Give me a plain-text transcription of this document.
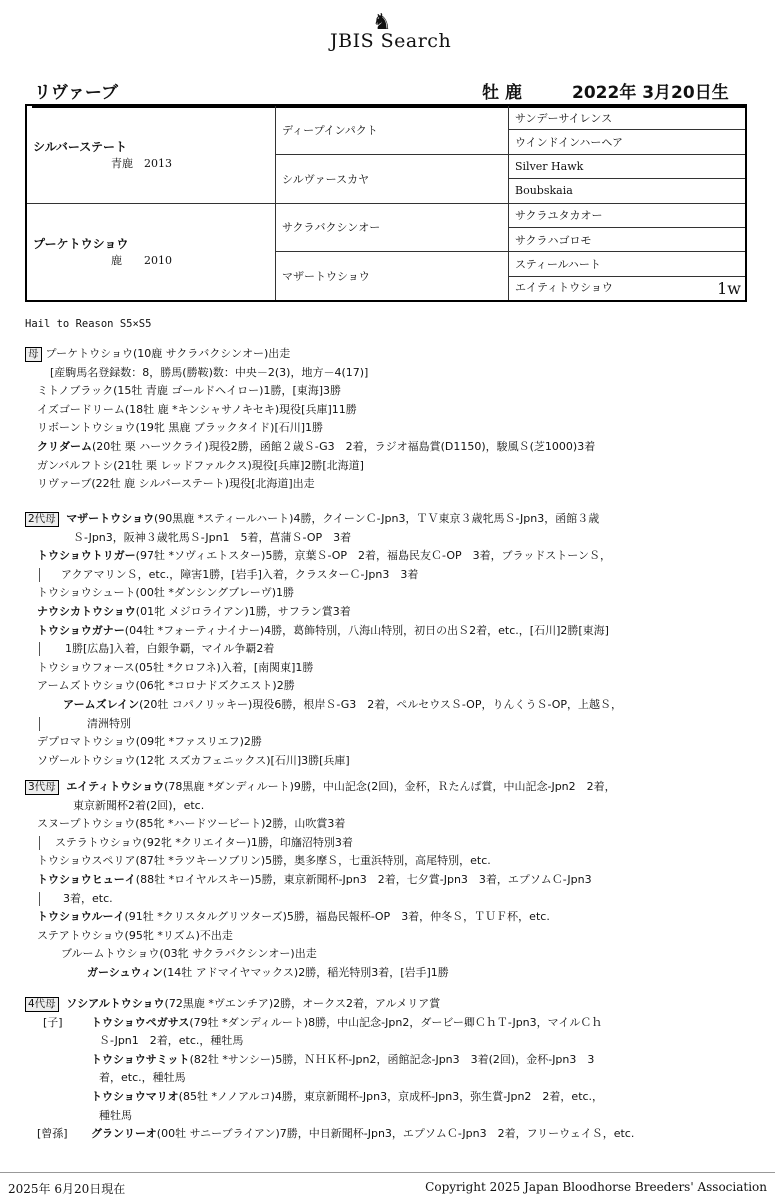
♞
JBIS Search
リヴァーブ	牡鹿	2022年 3月20日生
シルバーステート
青鹿　2013	ディープインパクト	サンデーサイレンス
		ウインドインハーヘア
	シルヴァースカヤ	Silver Hawk
		Boubskaia

プーケトウショウ
鹿　　2010	サクラバクシンオー	サクラユタカオー
		サクラハゴロモ
	マザートウショウ	スティールハート
		エイティトウショウ 1w
Hail to Reason S5×S5
母 プーケトウショウ(10鹿 サクラバクシンオー)出走
[産駒馬名登録数：8，勝馬(勝鞍)数：中央－2(3)，地方－4(17)]
ミトノブラック(15牡 青鹿 ゴールドヘイロー)1勝，[東海]3勝
イズゴードリーム(18牡 鹿 *キンシャサノキセキ)現役[兵庫]11勝
リボーントウショウ(19牝 黒鹿 ブラックタイド)[石川]1勝
クリダーム(20牡 栗 ハーツクライ)現役2勝，函館２歳Ｓ-G3　2着，ラジオ福島賞(D1150)，駿風Ｓ(芝1000)3着
ガンバルフトシ(21牡 栗 レッドファルクス)現役[兵庫]2勝[北海道]
リヴァーブ(22牡 鹿 シルバーステート)現役[北海道]出走
2代母 マザートウショウ(90黒鹿 *スティールハート)4勝，クイーンＣ-Jpn3，ＴＶ東京３歳牝馬Ｓ-Jpn3，函館３歳
Ｓ-Jpn3，阪神３歳牝馬Ｓ-Jpn1　5着，菖蒲Ｓ-OP　3着
トウショウトリガー(97牡 *ソヴィエトスター)5勝，京葉Ｓ-OP　2着，福島民友Ｃ-OP　3着，ブラッドストーンＳ，
アクアマリンＳ，etc.，障害1勝，[岩手]入着，クラスターＣ-Jpn3　3着
トウショウシュート(00牡 *ダンシングブレーヴ)1勝
ナウシカトウショウ(01牝 メジロライアン)1勝，サフラン賞3着
トウショウガナー(04牡 *フォーティナイナー)4勝，葛飾特別，八海山特別，初日の出Ｓ2着，etc.，[石川]2勝[東海]
1勝[広島]入着，白銀争覇，マイル争覇2着
トウショウフォース(05牡 *クロフネ)入着，[南関東]1勝
アームズトウショウ(06牝 *コロナドズクエスト)2勝
アームズレイン(20牡 コパノリッキー)現役6勝，根岸Ｓ-G3　2着，ペルセウスＳ-OP，りんくうＳ-OP，上越Ｓ，
清洲特別
デプロマトウショウ(09牝 *ファスリエフ)2勝
ソヴールトウショウ(12牝 スズカフェニックス)[石川]3勝[兵庫]
3代母 エイティトウショウ(78黒鹿 *ダンディルート)9勝，中山記念(2回)，金杯，Ｒたんぱ賞，中山記念-Jpn2　2着，
東京新聞杯2着(2回)，etc.
スヌープトウショウ(85牝 *ハードツービート)2勝，山吹賞3着
ステラトウショウ(92牝 *クリエイター)1勝，印旛沼特別3着
トウショウスペリア(87牡 *ラツキーソブリン)5勝，奥多摩Ｓ，七重浜特別，高尾特別，etc.
トウショウヒューイ(88牡 *ロイヤルスキー)5勝，東京新聞杯-Jpn3　2着，七夕賞-Jpn3　3着，エプソムＣ-Jpn3
3着，etc.
トウショウルーイ(91牡 *クリスタルグリツターズ)5勝，福島民報杯-OP　3着，仲冬Ｓ，ＴＵＦ杯，etc.
ステアトウショウ(95牝 *リズム)不出走
ブルームトウショウ(03牝 サクラバクシンオー)出走
ガーシュウィン(14牡 アドマイヤマックス)2勝，稲光特別3着，[岩手]1勝
4代母 ソシアルトウショウ(72黒鹿 *ヴエンチア)2勝，オークス2着，アルメリア賞
[子]	トウショウペガサス(79牡 *ダンディルート)8勝，中山記念-Jpn2，ダービー卿ＣｈＴ-Jpn3，マイルＣｈ
Ｓ-Jpn1　2着，etc.，種牡馬
トウショウサミット(82牡 *サンシー)5勝，ＮＨＫ杯-Jpn2，函館記念-Jpn3　3着(2回)，金杯-Jpn3　3
着，etc.，種牡馬
トウショウマリオ(85牡 *ノノアルコ)4勝，東京新聞杯-Jpn3，京成杯-Jpn3，弥生賞-Jpn2　2着，etc.，
種牡馬
[曾孫] グランリーオ(00牡 サニーブライアン)7勝，中日新聞杯-Jpn3，エプソムＣ-Jpn3　2着，フリーウェイＳ，etc.
2025年 6月20日現在	Copyright 2025 Japan Bloodhorse Breeders' Association
